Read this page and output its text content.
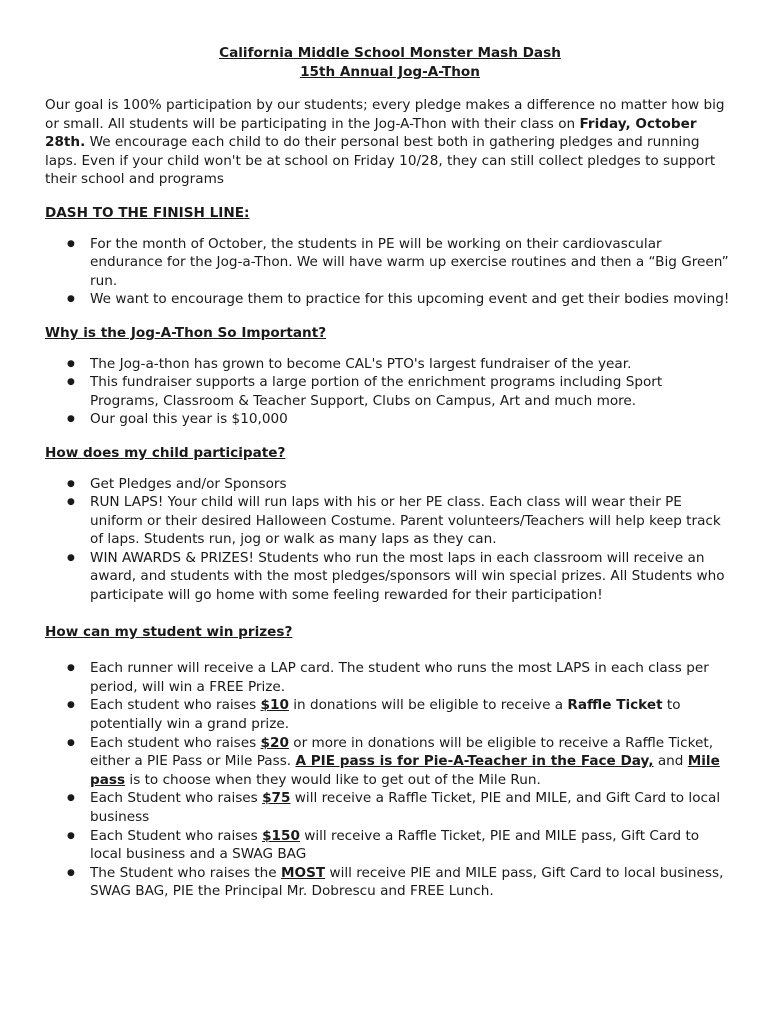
California Middle School Monster Mash Dash
15th Annual Jog-A-Thon

Our goal is 100% participation by our students; every pledge makes a difference no matter how big or small. All students will be participating in the Jog-A-Thon with their class on Friday, October 28th. We encourage each child to do their personal best both in gathering pledges and running laps. Even if your child won't be at school on Friday 10/28, they can still collect pledges to support their school and programs

DASH TO THE FINISH LINE:
● For the month of October, the students in PE will be working on their cardiovascular endurance for the Jog-a-Thon. We will have warm up exercise routines and then a “Big Green” run.
● We want to encourage them to practice for this upcoming event and get their bodies moving!
Why is the Jog-A-Thon So Important?
● The Jog-a-thon has grown to become CAL's PTO's largest fundraiser of the year.
● This fundraiser supports a large portion of the enrichment programs including Sport Programs, Classroom & Teacher Support, Clubs on Campus, Art and much more.
● Our goal this year is $10,000
How does my child participate?
● Get Pledges and/or Sponsors
● RUN LAPS! Your child will run laps with his or her PE class. Each class will wear their PE uniform or their desired Halloween Costume. Parent volunteers/Teachers will help keep track of laps. Students run, jog or walk as many laps as they can.
● WIN AWARDS & PRIZES! Students who run the most laps in each classroom will receive an award, and students with the most pledges/sponsors will win special prizes. All Students who participate will go home with some feeling rewarded for their participation!
How can my student win prizes?
● Each runner will receive a LAP card. The student who runs the most LAPS in each class per period, will win a FREE Prize.
● Each student who raises $10 in donations will be eligible to receive a Raffle Ticket to potentially win a grand prize.
● Each student who raises $20 or more in donations will be eligible to receive a Raffle Ticket, either a PIE Pass or Mile Pass. A PIE pass is for Pie-A-Teacher in the Face Day, and Mile pass is to choose when they would like to get out of the Mile Run.
● Each Student who raises $75 will receive a Raffle Ticket, PIE and MILE, and Gift Card to local business
● Each Student who raises $150 will receive a Raffle Ticket, PIE and MILE pass, Gift Card to local business and a SWAG BAG
● The Student who raises the MOST will receive PIE and MILE pass, Gift Card to local business, SWAG BAG, PIE the Principal Mr. Dobrescu and FREE Lunch.
